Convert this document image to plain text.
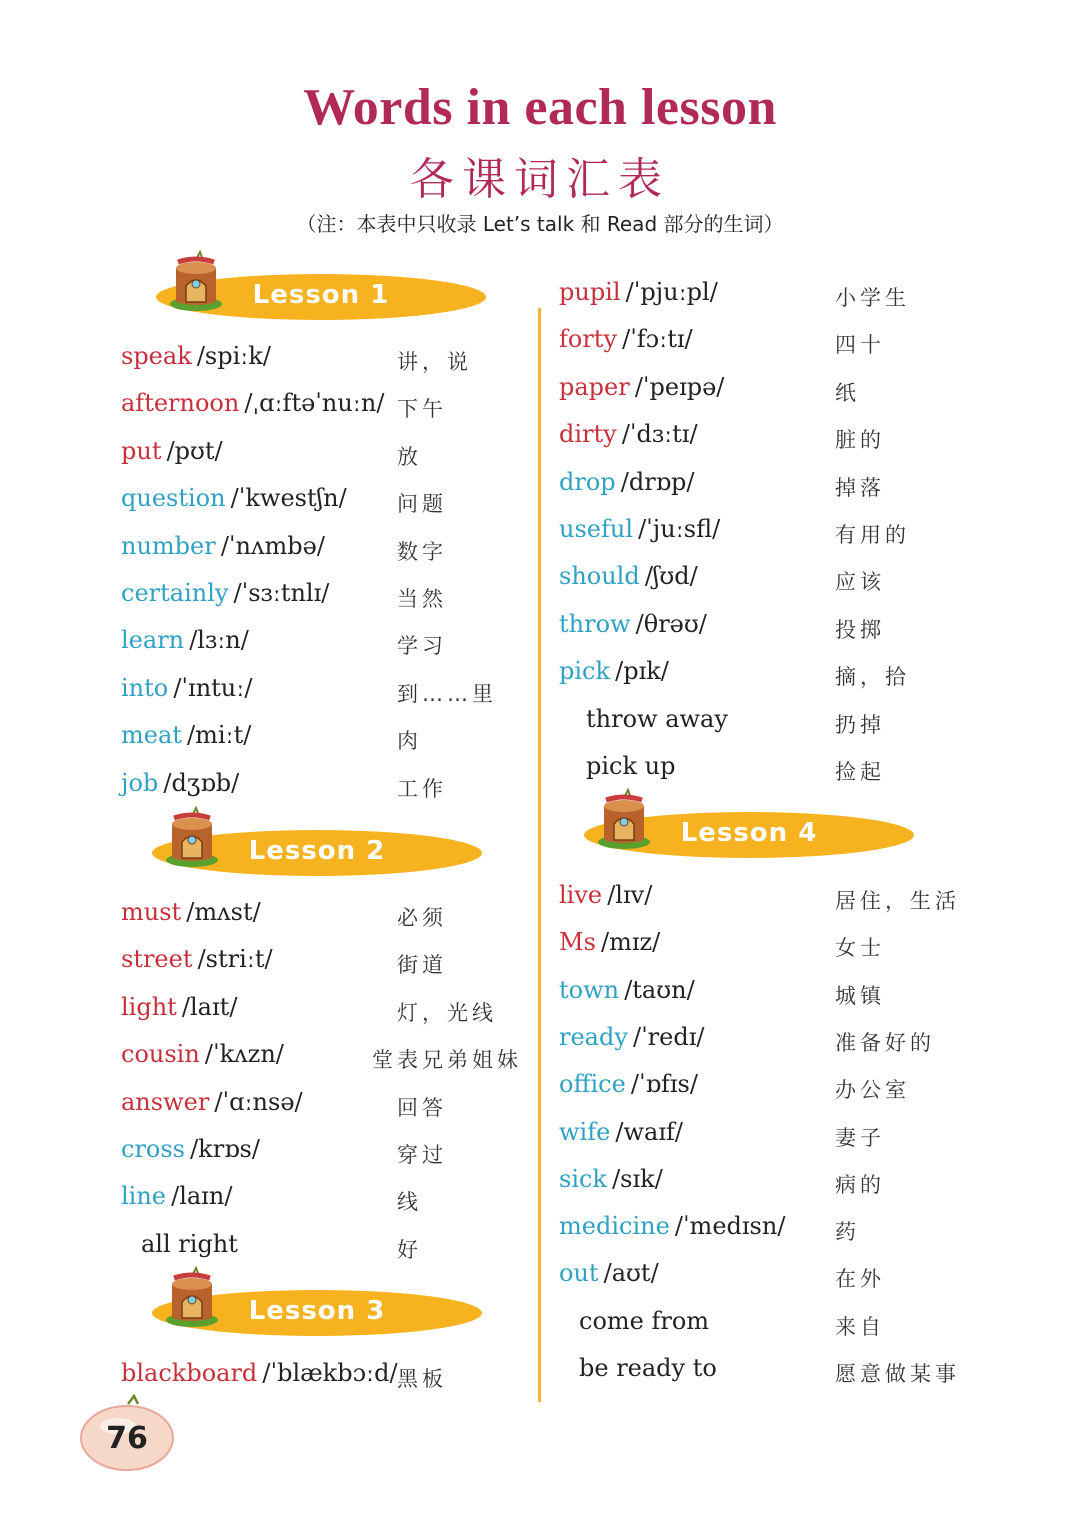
Words in each lesson
各课词汇表
（注：本表中只收录 Let’s talk 和 Read 部分的生词）
Lesson 1
Lesson 2
Lesson 3
Lesson 4
speak /spiːk/	讲，说
afternoon /ˌɑːftəˈnuːn/ 下午
put /pʊt/	放
question /ˈkwestʃn/ 问题
number /ˈnʌmbə/	数字
certainly /ˈsɜːtnlɪ/	当然
learn /lɜːn/	学习
into /ˈɪntuː/	到……里
meat /miːt/	肉
job /dʒɒb/	工作
must /mʌst/	必须
street /striːt/	街道
light /laɪt/	灯，光线
cousin /ˈkʌzn/	堂表兄弟姐妹
answer /ˈɑːnsə/	回答
cross /krɒs/	穿过
line /laɪn/	线
all right	好
blackboard /ˈblækbɔːd/ 黑板
pupil /ˈpjuːpl/	小学生
forty /ˈfɔːtɪ/	四十
paper /ˈpeɪpə/	纸
dirty /ˈdɜːtɪ/	脏的
drop /drɒp/	掉落
useful /ˈjuːsfl/	有用的
should /ʃʊd/	应该
throw /θrəʊ/	投掷
pick /pɪk/	摘，拾
throw away	扔掉
pick up	捡起
live /lɪv/	居住，生活
Ms /mɪz/	女士
town /taʊn/	城镇
ready /ˈredɪ/	准备好的
office /ˈɒfɪs/	办公室
wife /waɪf/	妻子
sick /sɪk/	病的
medicine /ˈmedɪsn/ 药
out /aʊt/	在外
come from	来自
be ready to	愿意做某事
76
